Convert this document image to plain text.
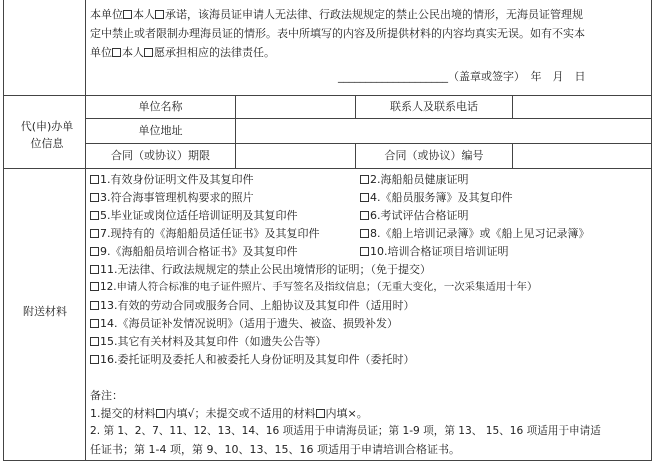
本单位 本人 承诺，该海员证申请人无法律、行政法规规定的禁止公民出境的情形，无海员证管理规
定中禁止或者限制办理海员证的情形。表中所填写的内容及所提供材料的内容均真实无误。如有不实本
单位 本人 愿承担相应的法律责任。
____________________（盖章或签字）　年　月　日
代(申)办单
位信息
单位名称	联系人及联系电话
单位地址
合同（或协议）期限	合同（或协议）编号
附送材料
1.有效身份证明文件及其复印件	2.海船船员健康证明
3.符合海事管理机构要求的照片	4.《船员服务簿》及其复印件
5.毕业证或岗位适任培训证明及其复印件	6.考试评估合格证明
7.现持有的《海船船员适任证书》及其复印件	8.《船上培训记录簿》或《船上见习记录簿》
9.《海船船员培训合格证书》及其复印件	10.培训合格证项目培训证明
11.无法律、行政法规规定的禁止公民出境情形的证明；（免于提交）
12.申请人符合标准的电子证件照片、手写签名及指纹信息；（无重大变化，一次采集适用十年）
13.有效的劳动合同或服务合同、上船协议及其复印件（适用时）
14.《海员证补发情况说明》（适用于遗失、被盗、损毁补发）
15.其它有关材料及其复印件（如遗失公告等）
16.委托证明及委托人和被委托人身份证明及其复印件（委托时）
备注：
1.提交的材料 内填√；未提交或不适用的材料 内填×。
2. 第 1、2、7、11、12、13、14、16 项适用于申请海员证；第 1-9 项，第 13、 15、16 项适用于申请适
任证书；第 1-4 项，第 9、10、13、15、16 项适用于申请培训合格证书。
